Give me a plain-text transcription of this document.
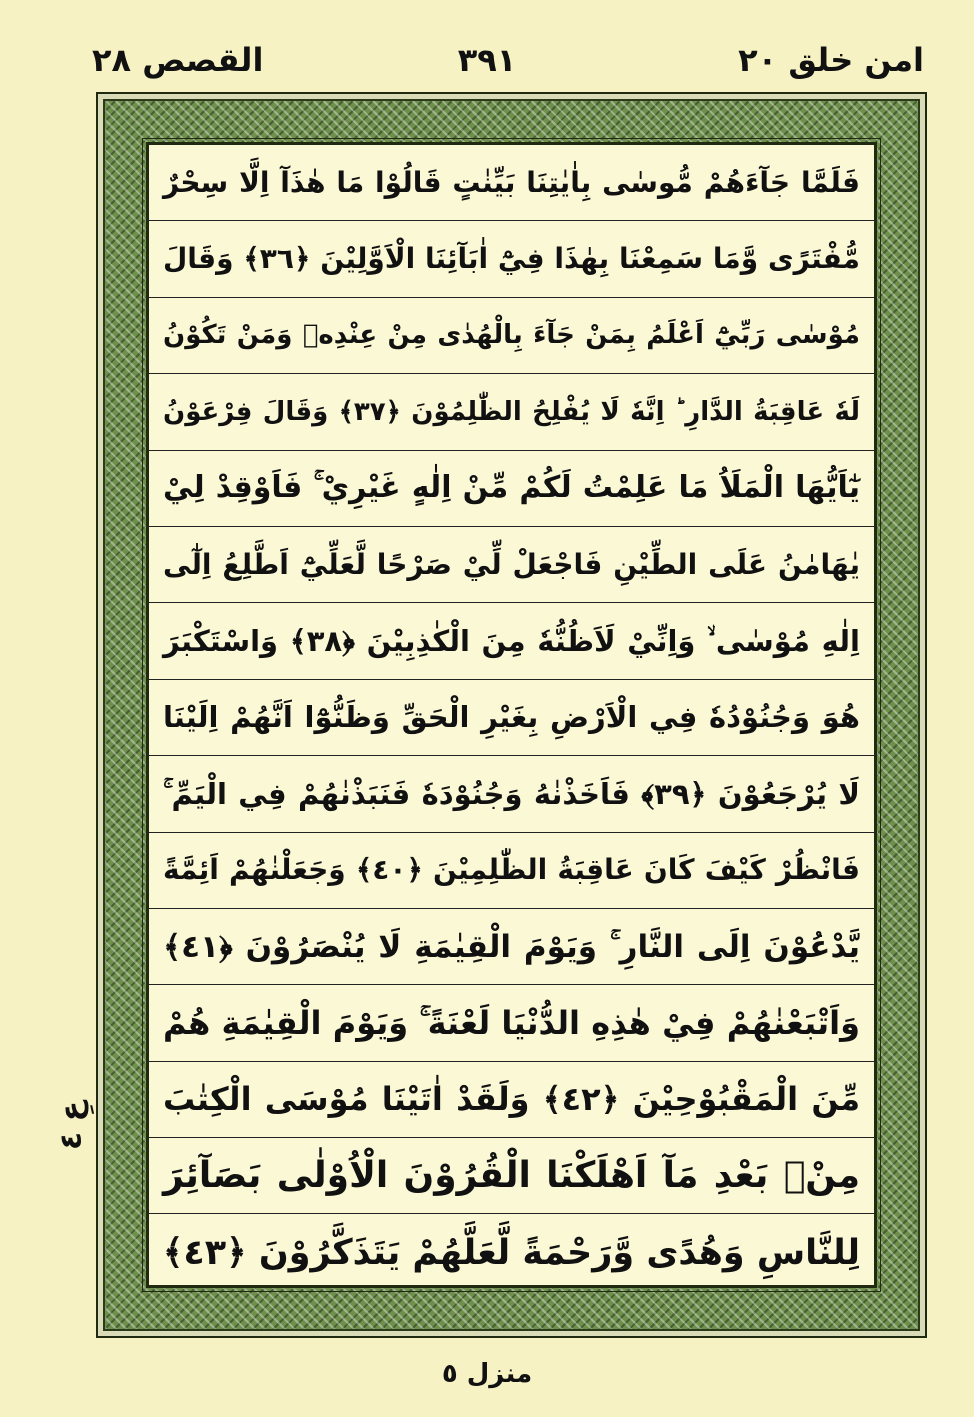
القصص ٢٨	٣٩١	امن خلق ٢٠
فَلَمَّا جَآءَهُمْ مُّوسٰى بِاٰيٰتِنَا بَيِّنٰتٍ قَالُوْا مَا هٰذَآ اِلَّا سِحْرٌ
مُّفْتَرًى وَّمَا سَمِعْنَا بِهٰذَا فِيْٓ اٰبَآئِنَا الْاَوَّلِيْنَ ﴿٣٦﴾ وَقَالَ
مُوْسٰى رَبِّيْٓ اَعْلَمُ بِمَنْ جَآءَ بِالْهُدٰى مِنْ عِنْدِهٖ وَمَنْ تَكُوْنُ
لَهٗ عَاقِبَةُ الدَّارِ ؕ اِنَّهٗ لَا يُفْلِحُ الظّٰلِمُوْنَ ﴿٣٧﴾ وَقَالَ فِرْعَوْنُ
يٰٓاَيُّهَا الْمَلَاُ مَا عَلِمْتُ لَكُمْ مِّنْ اِلٰهٍ غَيْرِيْ ۚ فَاَوْقِدْ لِيْ
يٰهَامٰنُ عَلَى الطِّيْنِ فَاجْعَلْ لِّيْ صَرْحًا لَّعَلِّيْٓ اَطَّلِعُ اِلٰٓى
اِلٰهِ مُوْسٰى ۙ وَاِنِّيْ لَاَظُنُّهٗ مِنَ الْكٰذِبِيْنَ ﴿٣٨﴾ وَاسْتَكْبَرَ
هُوَ وَجُنُوْدُهٗ فِي الْاَرْضِ بِغَيْرِ الْحَقِّ وَظَنُّوْٓا اَنَّهُمْ اِلَيْنَا
لَا يُرْجَعُوْنَ ﴿٣٩﴾ فَاَخَذْنٰهُ وَجُنُوْدَهٗ فَنَبَذْنٰهُمْ فِي الْيَمِّ ۚ
فَانْظُرْ كَيْفَ كَانَ عَاقِبَةُ الظّٰلِمِيْنَ ﴿٤٠﴾ وَجَعَلْنٰهُمْ اَئِمَّةً
يَّدْعُوْنَ اِلَى النَّارِ ۚ وَيَوْمَ الْقِيٰمَةِ لَا يُنْصَرُوْنَ ﴿٤١﴾
وَاَتْبَعْنٰهُمْ فِيْ هٰذِهِ الدُّنْيَا لَعْنَةً ۚ وَيَوْمَ الْقِيٰمَةِ هُمْ
مِّنَ الْمَقْبُوْحِيْنَ ﴿٤٢﴾ وَلَقَدْ اٰتَيْنَا مُوْسَى الْكِتٰبَ
مِنْۢ بَعْدِ مَآ اَهْلَكْنَا الْقُرُوْنَ الْاُوْلٰى بَصَآئِرَ
لِلنَّاسِ وَهُدًى وَّرَحْمَةً لَّعَلَّهُمْ يَتَذَكَّرُوْنَ ﴿٤٣﴾
عِ ٤
منزل ٥
